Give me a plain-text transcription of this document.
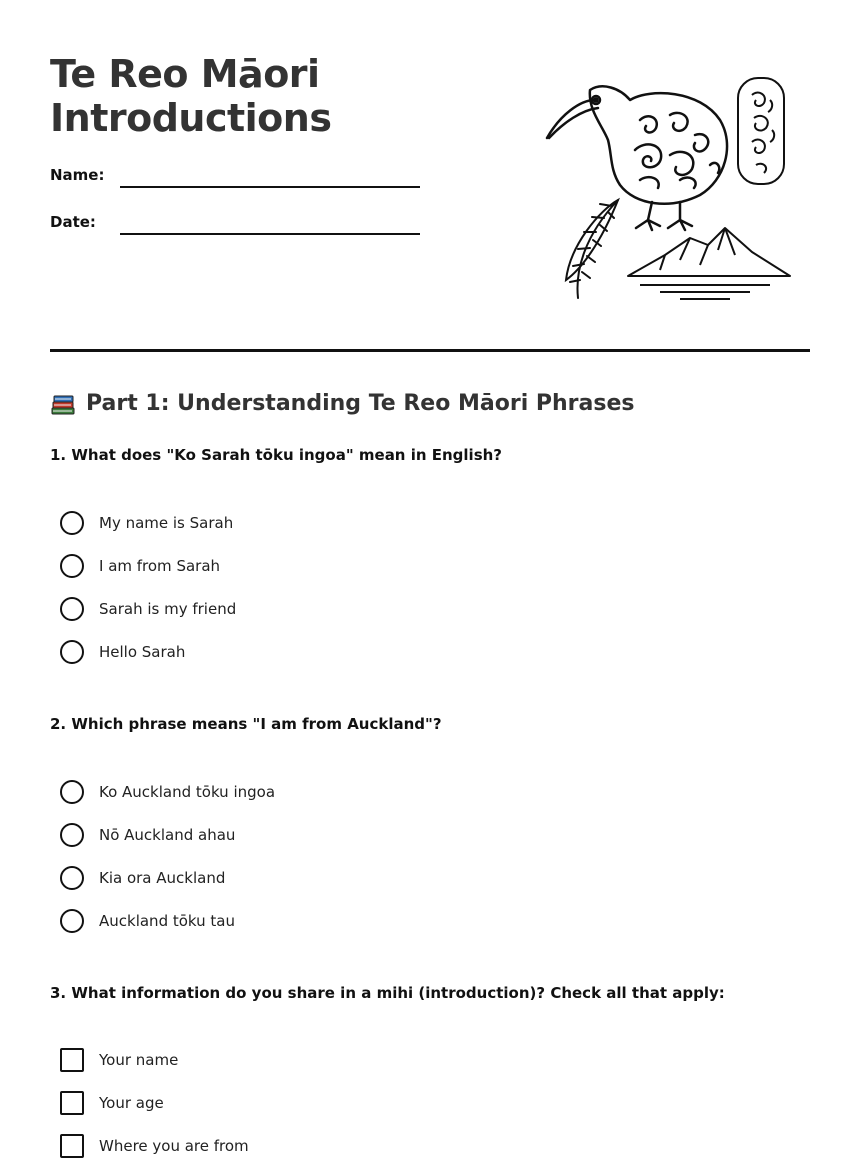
Te Reo Māori
Introductions
Name:
Date:
Part 1: Understanding Te Reo Māori Phrases

1. What does "Ko Sarah tōku ingoa" mean in English?

My name is Sarah
I am from Sarah
Sarah is my friend
Hello Sarah

2. Which phrase means "I am from Auckland"?

Ko Auckland tōku ingoa
Nō Auckland ahau
Kia ora Auckland
Auckland tōku tau

3. What information do you share in a mihi (introduction)? Check all that apply:

Your name
Your age
Where you are from
